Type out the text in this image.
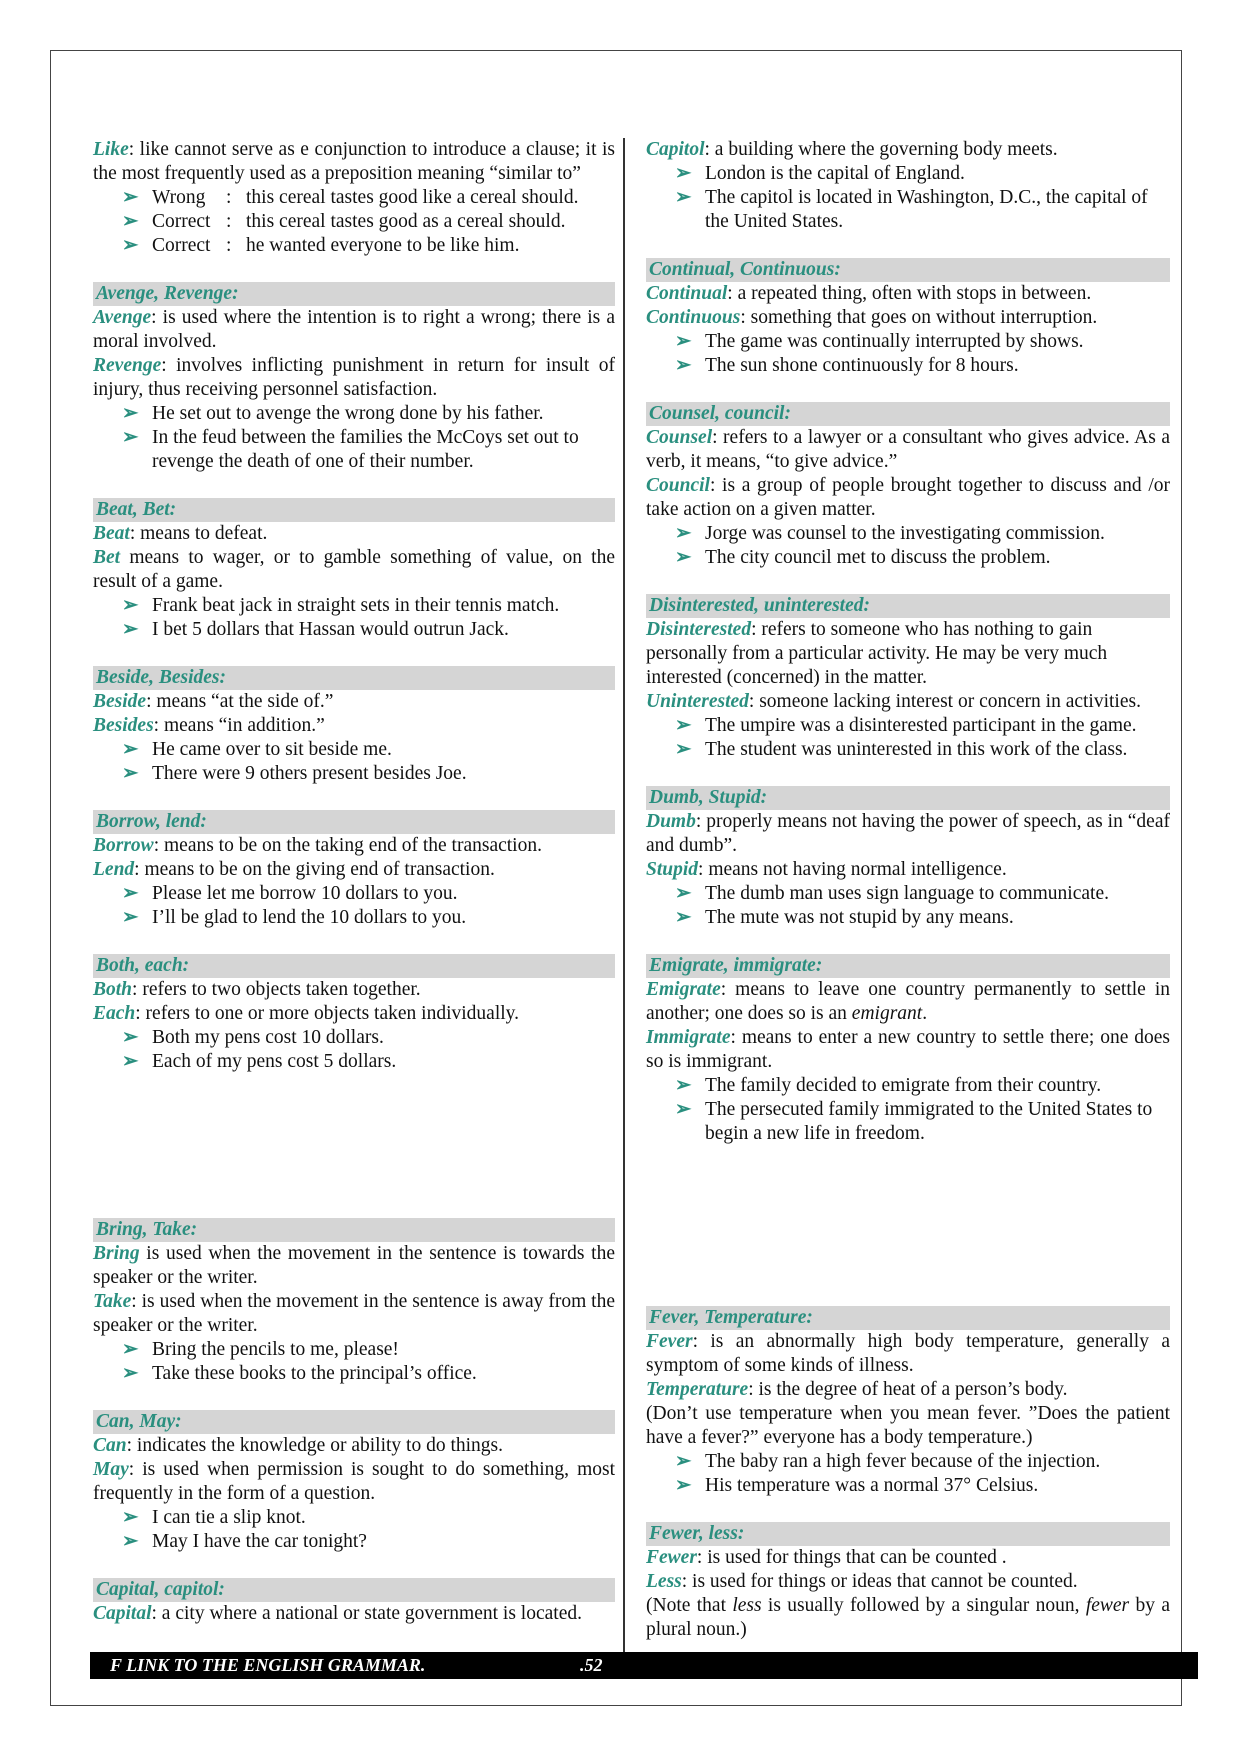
Like: like cannot serve as e conjunction to introduce a clause; it is the most frequently used as a preposition meaning “similar to”

➢ Wrong : this cereal tastes good like a cereal should.
➢ Correct : this cereal tastes good as a cereal should.
➢ Correct : he wanted everyone to be like him.
Avenge, Revenge:

Avenge: is used where the intention is to right a wrong; there is a moral involved.

Revenge: involves inflicting punishment in return for insult of injury, thus receiving personnel satisfaction.

➢ He set out to avenge the wrong done by his father.
➢ In the feud between the families the McCoys set out to revenge the death of one of their number.
Beat, Bet:

Beat: means to defeat.

Bet means to wager, or to gamble something of value, on the result of a game.

➢ Frank beat jack in straight sets in their tennis match.
➢ I bet 5 dollars that Hassan would outrun Jack.
Beside, Besides:

Beside: means “at the side of.”

Besides: means “in addition.”

➢ He came over to sit beside me.
➢ There were 9 others present besides Joe.
Borrow, lend:

Borrow: means to be on the taking end of the transaction.

Lend: means to be on the giving end of transaction.

➢ Please let me borrow 10 dollars to you.
➢ I’ll be glad to lend the 10 dollars to you.
Both, each:

Both: refers to two objects taken together.

Each: refers to one or more objects taken individually.

➢ Both my pens cost 10 dollars.
➢ Each of my pens cost 5 dollars.
Bring, Take:

Bring is used when the movement in the sentence is towards the speaker or the writer.

Take: is used when the movement in the sentence is away from the speaker or the writer.

➢ Bring the pencils to me, please!
➢ Take these books to the principal’s office.
Can, May:

Can: indicates the knowledge or ability to do things.

May: is used when permission is sought to do something, most frequently in the form of a question.

➢ I can tie a slip knot.
➢ May I have the car tonight?
Capital, capitol:

Capital: a city where a national or state government is located.

Capitol: a building where the governing body meets.

➢ London is the capital of England.
➢ The capitol is located in Washington, D.C., the capital of the United States.
Continual, Continuous:

Continual: a repeated thing, often with stops in between.

Continuous: something that goes on without interruption.

➢ The game was continually interrupted by shows.
➢ The sun shone continuously for 8 hours.
Counsel, council:

Counsel: refers to a lawyer or a consultant who gives advice. As a verb, it means, “to give advice.”

Council: is a group of people brought together to discuss and /or take action on a given matter.

➢ Jorge was counsel to the investigating commission.
➢ The city council met to discuss the problem.
Disinterested, uninterested:

Disinterested: refers to someone who has nothing to gain personally from a particular activity. He may be very much interested (concerned) in the matter.

Uninterested: someone lacking interest or concern in activities.

➢ The umpire was a disinterested participant in the game.
➢ The student was uninterested in this work of the class.
Dumb, Stupid:

Dumb: properly means not having the power of speech, as in “deaf and dumb”.

Stupid: means not having normal intelligence.

➢ The dumb man uses sign language to communicate.
➢ The mute was not stupid by any means.
Emigrate, immigrate:

Emigrate: means to leave one country permanently to settle in another; one does so is an emigrant.

Immigrate: means to enter a new country to settle there; one does so is immigrant.

➢ The family decided to emigrate from their country.
➢ The persecuted family immigrated to the United States to begin a new life in freedom.
Fever, Temperature:

Fever: is an abnormally high body temperature, generally a symptom of some kinds of illness.

Temperature: is the degree of heat of a person’s body.

(Don’t use temperature when you mean fever. ”Does the patient have a fever?” everyone has a body temperature.)

➢ The baby ran a high fever because of the injection.
➢ His temperature was a normal 37° Celsius.
Fewer, less:

Fewer: is used for things that can be counted .

Less: is used for things or ideas that cannot be counted.

(Note that less is usually followed by a singular noun, fewer by a plural noun.)

F LINK TO THE ENGLISH GRAMMAR.	.52
